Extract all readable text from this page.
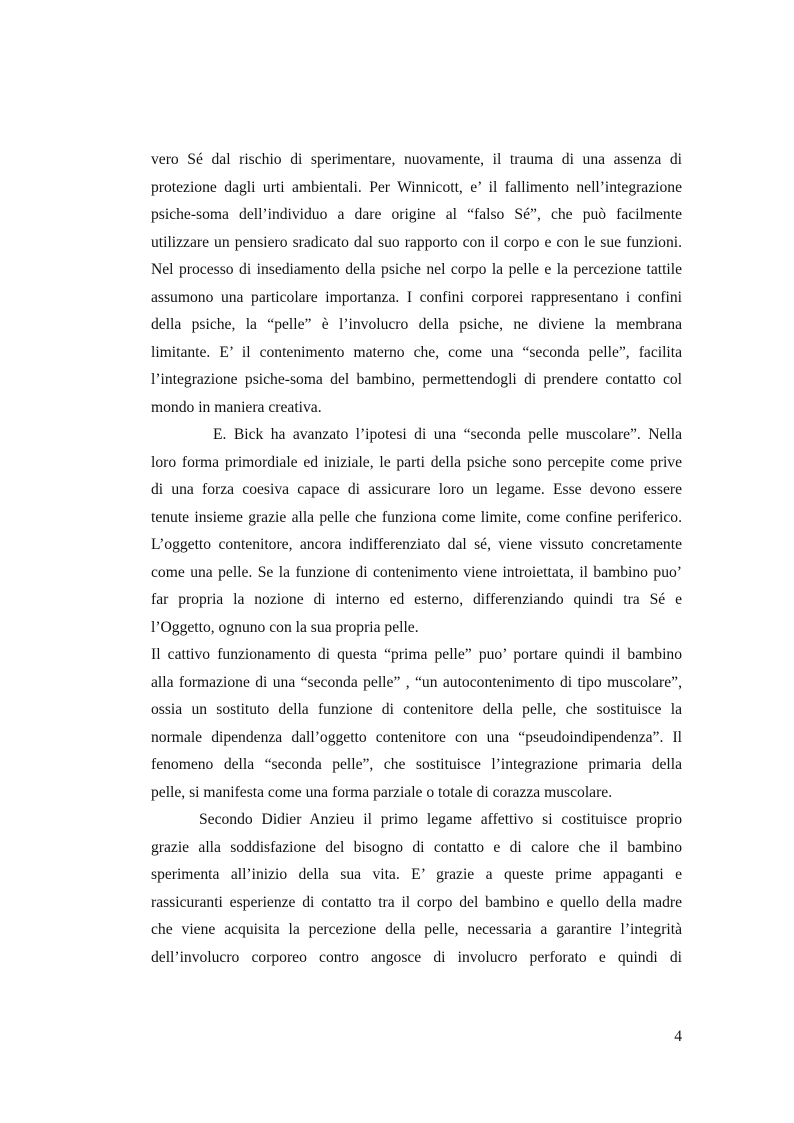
vero Sé dal rischio di sperimentare, nuovamente, il trauma di una assenza di
protezione dagli urti ambientali. Per Winnicott, e’ il fallimento nell’integrazione
psiche-soma dell’individuo a dare origine al “falso Sé”, che può facilmente
utilizzare un pensiero sradicato dal suo rapporto con il corpo e con le sue funzioni.
Nel processo di insediamento della psiche nel corpo la pelle e la percezione tattile
assumono una particolare importanza. I confini corporei rappresentano i confini
della psiche, la “pelle” è l’involucro della psiche, ne diviene la membrana
limitante. E’ il contenimento materno che, come una “seconda pelle”, facilita
l’integrazione psiche-soma del bambino, permettendogli di prendere contatto col
mondo in maniera creativa.
E. Bick ha avanzato l’ipotesi di una “seconda pelle muscolare”. Nella
loro forma primordiale ed iniziale, le parti della psiche sono percepite come prive
di una forza coesiva capace di assicurare loro un legame. Esse devono essere
tenute insieme grazie alla pelle che funziona come limite, come confine periferico.
L’oggetto contenitore, ancora indifferenziato dal sé, viene vissuto concretamente
come una pelle. Se la funzione di contenimento viene introiettata, il bambino puo’
far propria la nozione di interno ed esterno, differenziando quindi tra Sé e
l’Oggetto, ognuno con la sua propria pelle.
Il cattivo funzionamento di questa “prima pelle” puo’ portare quindi il bambino
alla formazione di una “seconda pelle” , “un autocontenimento di tipo muscolare”,
ossia un sostituto della funzione di contenitore della pelle, che sostituisce la
normale dipendenza dall’oggetto contenitore con una “pseudoindipendenza”. Il
fenomeno della “seconda pelle”, che sostituisce l’integrazione primaria della
pelle, si manifesta come una forma parziale o totale di corazza muscolare.
Secondo Didier Anzieu il primo legame affettivo si costituisce proprio
grazie alla soddisfazione del bisogno di contatto e di calore che il bambino
sperimenta all’inizio della sua vita. E’ grazie a queste prime appaganti e
rassicuranti esperienze di contatto tra il corpo del bambino e quello della madre
che viene acquisita la percezione della pelle, necessaria a garantire l’integrità
dell’involucro corporeo contro angosce di involucro perforato e quindi di
4
